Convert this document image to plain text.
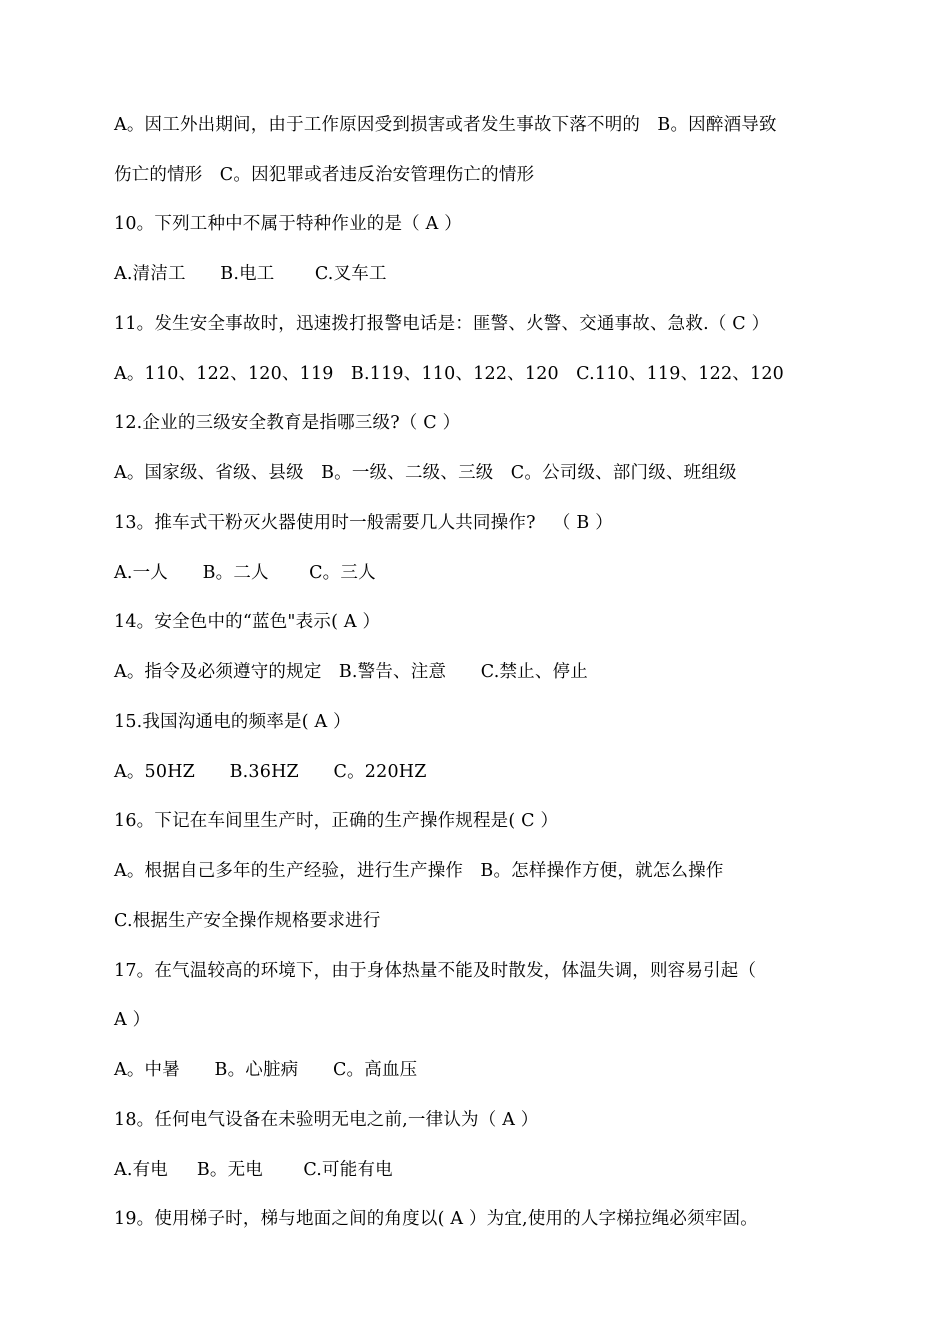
A。因工外出期间，由于工作原因受到损害或者发生事故下落不明的   B。因醉酒导致
伤亡的情形   C。因犯罪或者违反治安管理伤亡的情形
10。下列工种中不属于特种作业的是（ A ）
A.清洁工      B.电工       C.叉车工
11。发生安全事故时，迅速拨打报警电话是：匪警、火警、交通事故、急救.（ C ）
A。110、122、120、119   B.119、110、122、120   C.110、119、122、120
12.企业的三级安全教育是指哪三级?（ C ）
A。国家级、省级、县级   B。一级、二级、三级   C。公司级、部门级、班组级
13。推车式干粉灭火器使用时一般需要几人共同操作?   （ B ）
A.一人      B。二人       C。三人
14。安全色中的“蓝色"表示( A ）
A。指令及必须遵守的规定   B.警告、注意      C.禁止、停止
15.我国沟通电的频率是( A ）
A。50HZ      B.36HZ      C。220HZ
16。下记在车间里生产时，正确的生产操作规程是( C ）
A。根据自己多年的生产经验，进行生产操作   B。怎样操作方便，就怎么操作
C.根据生产安全操作规格要求进行
17。在气温较高的环境下，由于身体热量不能及时散发，体温失调，则容易引起（
A ）
A。中暑      B。心脏病      C。高血压
18。任何电气设备在未验明无电之前,一律认为（ A ）
A.有电     B。无电       C.可能有电
19。使用梯子时，梯与地面之间的角度以( A ）为宜,使用的人字梯拉绳必须牢固。
